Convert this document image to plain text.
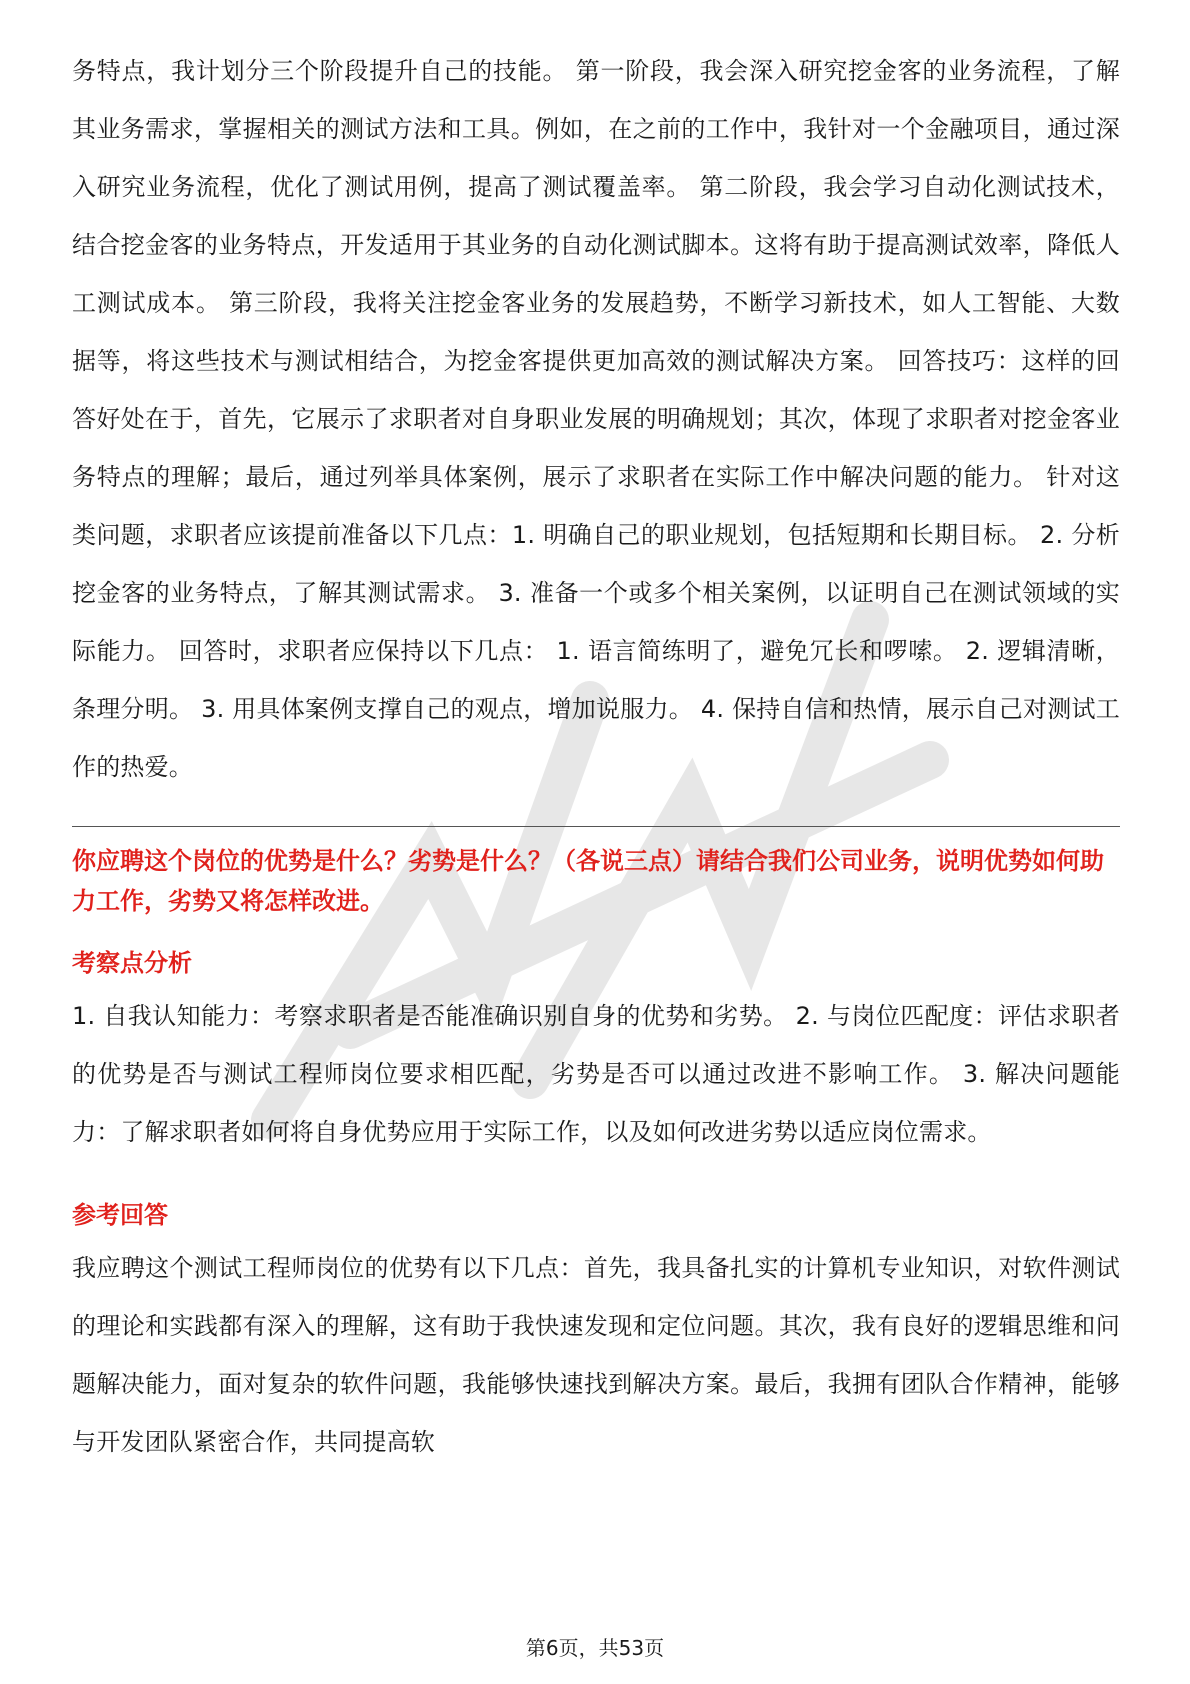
务特点，我计划分三个阶段提升自己的技能。 第一阶段，我会深入研究挖金客的业务流程，了解其业务需求，掌握相关的测试方法和工具。例如，在之前的工作中，我针对一个金融项目，通过深入研究业务流程，优化了测试用例，提高了测试覆盖率。 第二阶段，我会学习自动化测试技术，结合挖金客的业务特点，开发适用于其业务的自动化测试脚本。这将有助于提高测试效率，降低人工测试成本。 第三阶段，我将关注挖金客业务的发展趋势，不断学习新技术，如人工智能、大数据等，将这些技术与测试相结合，为挖金客提供更加高效的测试解决方案。 回答技巧：这样的回答好处在于，首先，它展示了求职者对自身职业发展的明确规划；其次，体现了求职者对挖金客业务特点的理解；最后，通过列举具体案例，展示了求职者在实际工作中解决问题的能力。 针对这类问题，求职者应该提前准备以下几点：1. 明确自己的职业规划，包括短期和长期目标。 2. 分析挖金客的业务特点，了解其测试需求。 3. 准备一个或多个相关案例，以证明自己在测试领域的实际能力。 回答时，求职者应保持以下几点： 1. 语言简练明了，避免冗长和啰嗦。 2. 逻辑清晰，条理分明。 3. 用具体案例支撑自己的观点，增加说服力。 4. 保持自信和热情，展示自己对测试工作的热爱。

你应聘这个岗位的优势是什么？劣势是什么？（各说三点）请结合我们公司业务，说明优势如何助力工作，劣势又将怎样改进。

考察点分析

1. 自我认知能力：考察求职者是否能准确识别自身的优势和劣势。 2. 与岗位匹配度：评估求职者的优势是否与测试工程师岗位要求相匹配，劣势是否可以通过改进不影响工作。 3. 解决问题能力：了解求职者如何将自身优势应用于实际工作，以及如何改进劣势以适应岗位需求。

参考回答

我应聘这个测试工程师岗位的优势有以下几点：首先，我具备扎实的计算机专业知识，对软件测试的理论和实践都有深入的理解，这有助于我快速发现和定位问题。其次，我有良好的逻辑思维和问题解决能力，面对复杂的软件问题，我能够快速找到解决方案。最后，我拥有团队合作精神，能够与开发团队紧密合作，共同提高软

第6页，共53页
